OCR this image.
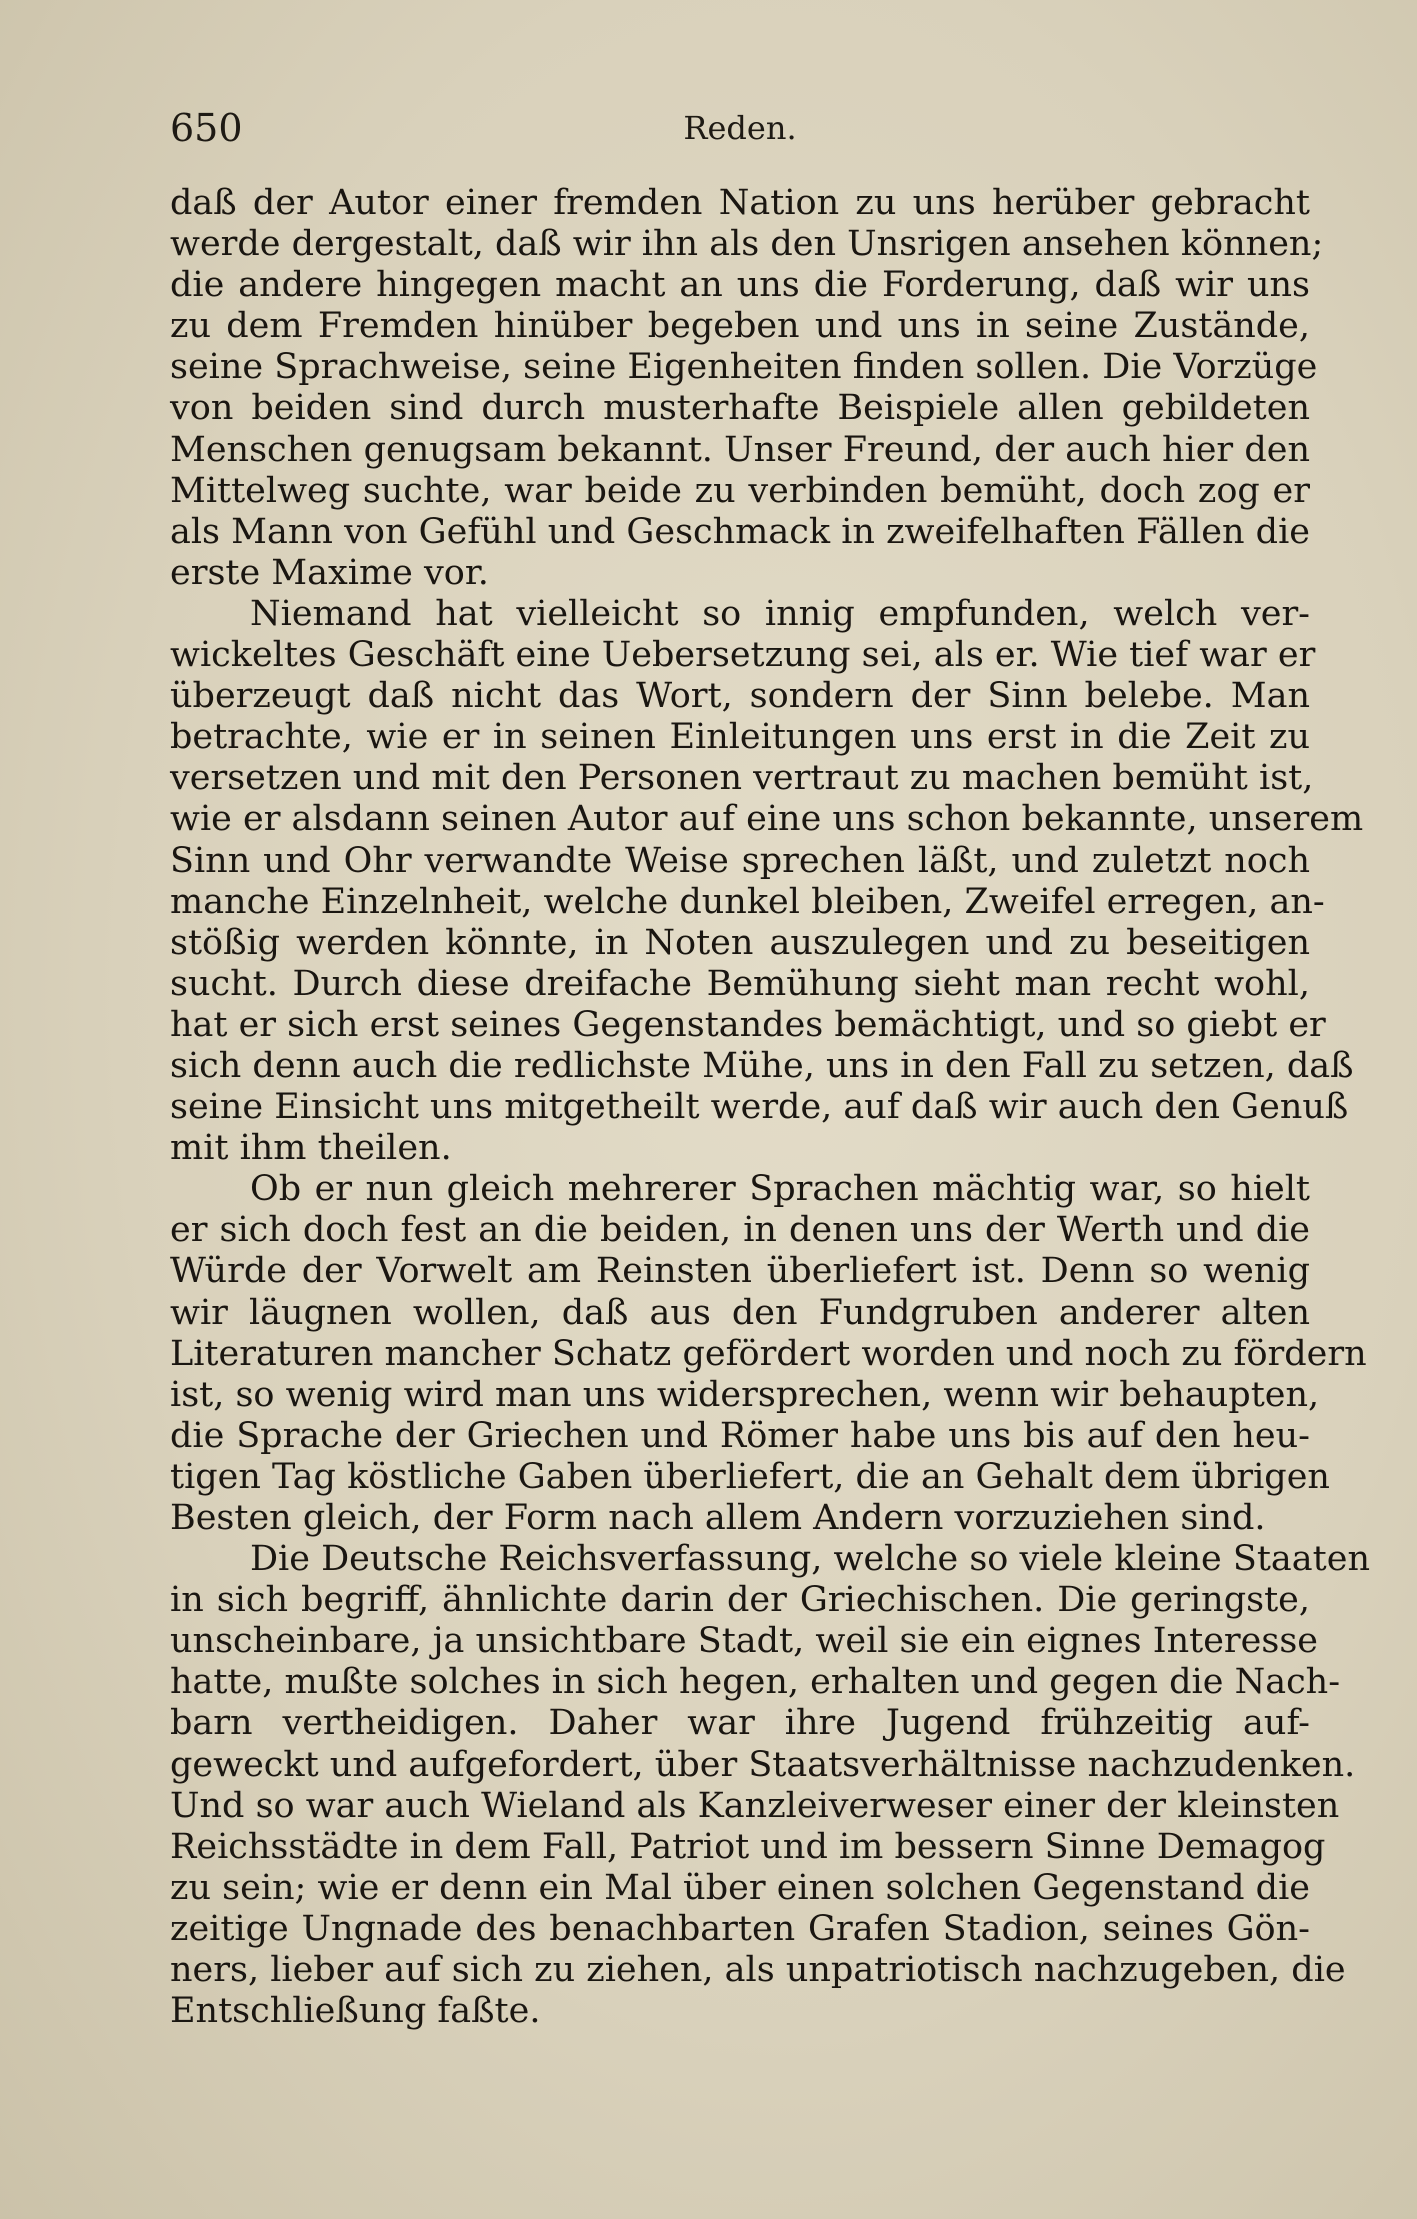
650	Reden.
daß der Autor einer fremden Nation zu uns herüber gebracht
werde dergestalt, daß wir ihn als den Unsrigen ansehen können;
die andere hingegen macht an uns die Forderung, daß wir uns
zu dem Fremden hinüber begeben und uns in seine Zustände,
seine Sprachweise, seine Eigenheiten finden sollen. Die Vorzüge
von beiden sind durch musterhafte Beispiele allen gebildeten
Menschen genugsam bekannt. Unser Freund, der auch hier den
Mittelweg suchte, war beide zu verbinden bemüht, doch zog er
als Mann von Gefühl und Geschmack in zweifelhaften Fällen die
erste Maxime vor.
Niemand hat vielleicht so innig empfunden, welch ver-
wickeltes Geschäft eine Uebersetzung sei, als er. Wie tief war er
überzeugt daß nicht das Wort, sondern der Sinn belebe. Man
betrachte, wie er in seinen Einleitungen uns erst in die Zeit zu
versetzen und mit den Personen vertraut zu machen bemüht ist,
wie er alsdann seinen Autor auf eine uns schon bekannte, unserem
Sinn und Ohr verwandte Weise sprechen läßt, und zuletzt noch
manche Einzelnheit, welche dunkel bleiben, Zweifel erregen, an-
stößig werden könnte, in Noten auszulegen und zu beseitigen
sucht. Durch diese dreifache Bemühung sieht man recht wohl,
hat er sich erst seines Gegenstandes bemächtigt, und so giebt er
sich denn auch die redlichste Mühe, uns in den Fall zu setzen, daß
seine Einsicht uns mitgetheilt werde, auf daß wir auch den Genuß
mit ihm theilen.
Ob er nun gleich mehrerer Sprachen mächtig war, so hielt
er sich doch fest an die beiden, in denen uns der Werth und die
Würde der Vorwelt am Reinsten überliefert ist. Denn so wenig
wir läugnen wollen, daß aus den Fundgruben anderer alten
Literaturen mancher Schatz gefördert worden und noch zu fördern
ist, so wenig wird man uns widersprechen, wenn wir behaupten,
die Sprache der Griechen und Römer habe uns bis auf den heu-
tigen Tag köstliche Gaben überliefert, die an Gehalt dem übrigen
Besten gleich, der Form nach allem Andern vorzuziehen sind.
Die Deutsche Reichsverfassung, welche so viele kleine Staaten
in sich begriff, ähnlichte darin der Griechischen. Die geringste,
unscheinbare, ja unsichtbare Stadt, weil sie ein eignes Interesse
hatte, mußte solches in sich hegen, erhalten und gegen die Nach-
barn vertheidigen. Daher war ihre Jugend frühzeitig auf-
geweckt und aufgefordert, über Staatsverhältnisse nachzudenken.
Und so war auch Wieland als Kanzleiverweser einer der kleinsten
Reichsstädte in dem Fall, Patriot und im bessern Sinne Demagog
zu sein; wie er denn ein Mal über einen solchen Gegenstand die
zeitige Ungnade des benachbarten Grafen Stadion, seines Gön-
ners, lieber auf sich zu ziehen, als unpatriotisch nachzugeben, die
Entschließung faßte.
